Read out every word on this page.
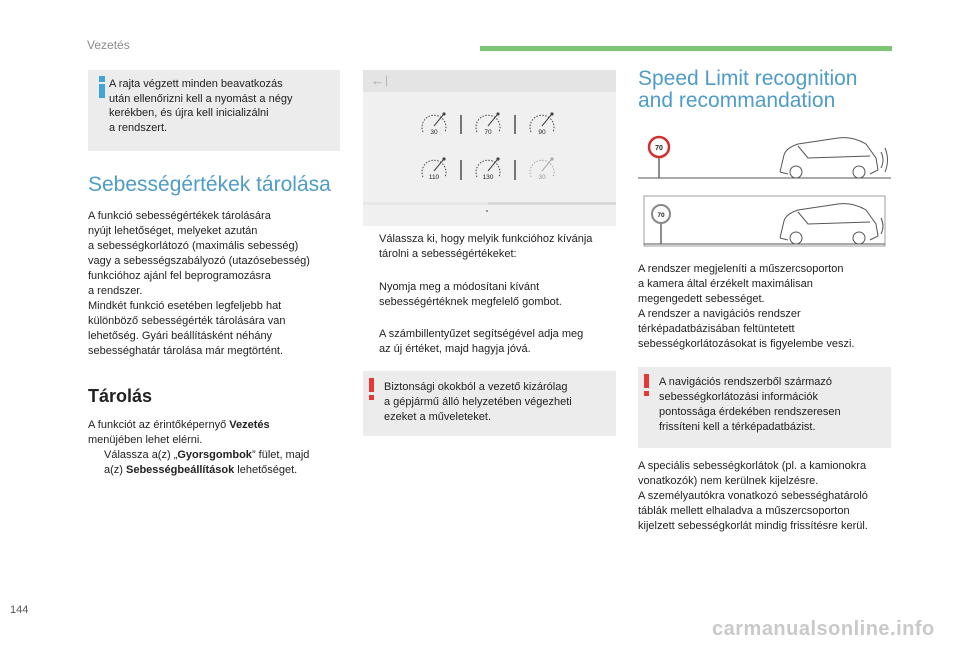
Vezetés
A rajta végzett minden beavatkozás
után ellenőrizni kell a nyomást a négy
kerékben, és újra kell inicializálni
a rendszert.
Sebességértékek tárolása
A funkció sebességértékek tárolására
nyújt lehetőséget, melyeket azután
a sebességkorlátozó (maximális sebesség)
vagy a sebességszabályozó (utazósebesség)
funkcióhoz ajánl fel beprogramozásra
a rendszer.
Mindkét funkció esetében legfeljebb hat
különböző sebességérték tárolására van
lehetőség. Gyári beállításként néhány
sebességhatár tárolása már megtörtént.
Tárolás
A funkciót az érintőképernyő Vezetés
menüjében lehet elérni.
Válassza a(z) „Gyorsgombok” fület, majd
a(z) Sebességbeállítások lehetőséget.
← |
30	70	90
110	130	30
Válassza ki, hogy melyik funkcióhoz kívánja
tárolni a sebességértékeket:
Nyomja meg a módosítani kívánt
sebességértéknek megfelelő gombot.
A számbillentyűzet segítségével adja meg
az új értéket, majd hagyja jóvá.
Biztonsági okokból a vezető kizárólag
a gépjármű álló helyzetében végezheti
ezeket a műveleteket.
Speed Limit recognition
and recommandation
70
70
A rendszer megjeleníti a műszercsoporton
a kamera által érzékelt maximálisan
megengedett sebességet.
A rendszer a navigációs rendszer
térképadatbázisában feltüntetett
sebességkorlátozásokat is figyelembe veszi.
A navigációs rendszerből származó
sebességkorlátozási információk
pontossága érdekében rendszeresen
frissíteni kell a térképadatbázist.
A speciális sebességkorlátok (pl. a kamionokra
vonatkozók) nem kerülnek kijelzésre.
A személyautókra vonatkozó sebességhatároló
táblák mellett elhaladva a műszercsoporton
kijelzett sebességkorlát mindig frissítésre kerül.
144
carmanualsonline.info
